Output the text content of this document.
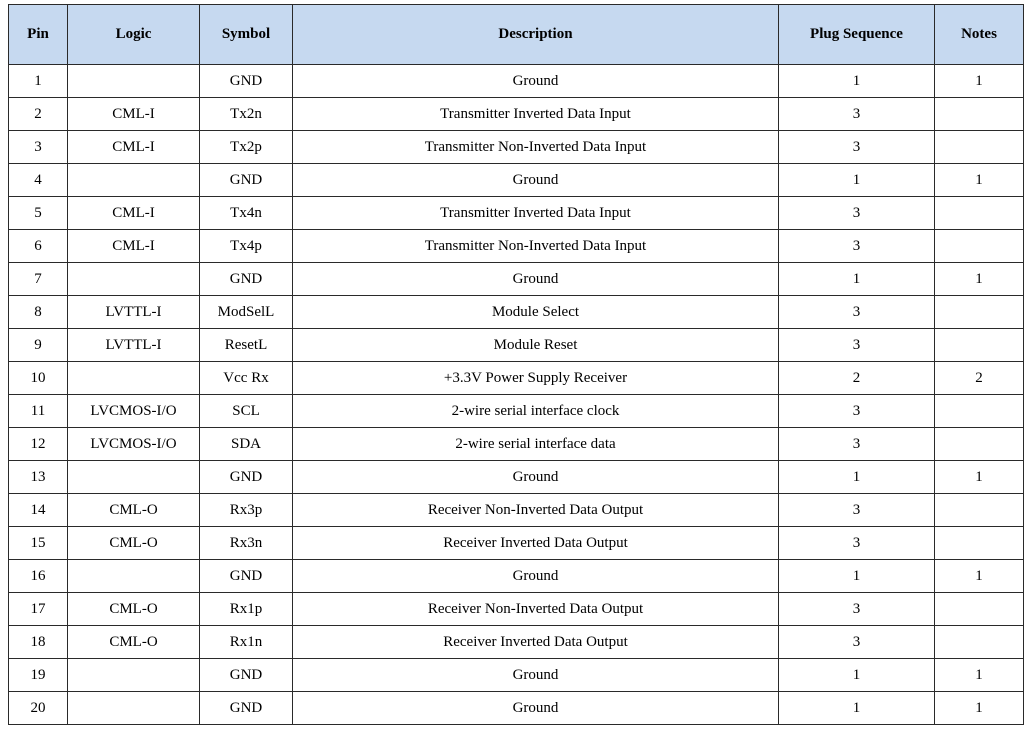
Pin	Logic	Symbol	Description	Plug Sequence	Notes
1		GND	Ground	1	1
2	CML-I	Tx2n	Transmitter Inverted Data Input	3	
3	CML-I	Tx2p	Transmitter Non-Inverted Data Input	3	
4		GND	Ground	1	1
5	CML-I	Tx4n	Transmitter Inverted Data Input	3	
6	CML-I	Tx4p	Transmitter Non-Inverted Data Input	3	
7		GND	Ground	1	1
8	LVTTL-I	ModSelL	Module Select	3	
9	LVTTL-I	ResetL	Module Reset	3	
10		Vcc Rx	+3.3V Power Supply Receiver	2	2
11	LVCMOS-I/O	SCL	2-wire serial interface clock	3	
12	LVCMOS-I/O	SDA	2-wire serial interface data	3	
13		GND	Ground	1	1
14	CML-O	Rx3p	Receiver Non-Inverted Data Output	3	
15	CML-O	Rx3n	Receiver Inverted Data Output	3	
16		GND	Ground	1	1
17	CML-O	Rx1p	Receiver Non-Inverted Data Output	3	
18	CML-O	Rx1n	Receiver Inverted Data Output	3	
19		GND	Ground	1	1
20		GND	Ground	1	1
